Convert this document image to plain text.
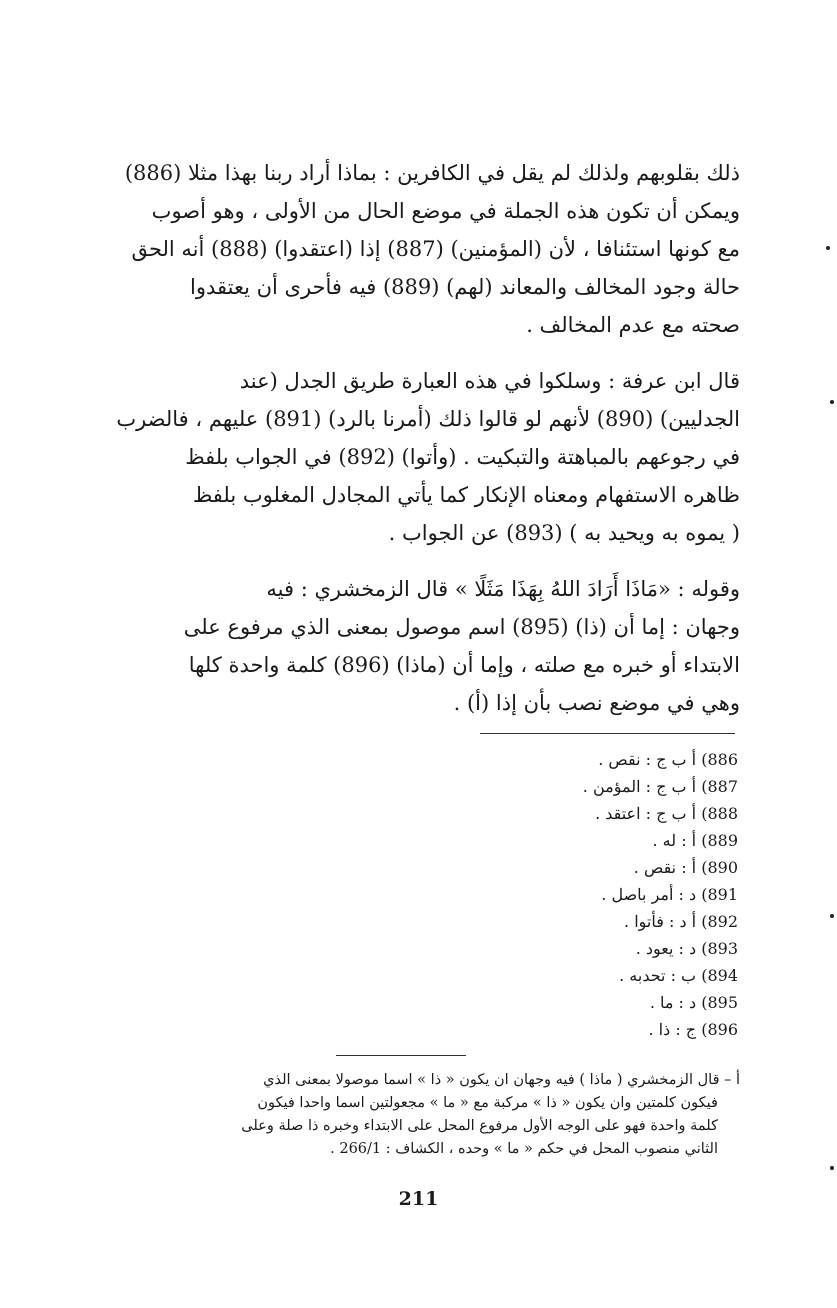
ذلك بقلوبهم ولذلك لم يقل في الكافرين : بماذا أراد ربنا بهذا مثلا (886)
ويمكن أن تكون هذه الجملة في موضع الحال من الأولى ، وهو أصوب
مع كونها استئنافا ، لأن (المؤمنين) (887) إذا (اعتقدوا) (888) أنه الحق
حالة وجود المخالف والمعاند (لهم) (889) فيه فأحرى أن يعتقدوا
صحته مع عدم المخالف .
قال ابن عرفة : وسلكوا في هذه العبارة طريق الجدل (عند
الجدليين) (890) لأنهم لو قالوا ذلك (أمرنا بالرد) (891) عليهم ، فالضرب
في رجوعهم بالمباهتة والتبكيت . (وأتوا) (892) في الجواب بلفظ
ظاهره الاستفهام ومعناه الإنكار كما يأتي المجادل المغلوب بلفظ
( يموه به ويحيد به ) (893) عن الجواب .
وقوله : «مَاذَا أَرَادَ اللهُ بِهَذَا مَثَلًا » قال الزمخشري : فيه
وجهان : إما أن (ذا) (895) اسم موصول بمعنى الذي مرفوع على
الابتداء أو خبره مع صلته ، وإما أن (ماذا) (896) كلمة واحدة كلها
وهي في موضع نصب بأن إذا (أ) .
886) أ ب ج : نقص .
887) أ ب ج : المؤمن .
888) أ ب ج : اعتقد .
889) أ : له .
890) أ : نقص .
891) د : أمر باصل .
892) أ د : فأتوا .
893) د : يعود .
894) ب : تحدبه .
895) د : ما .
896) ج : ذا .
أ – قال الزمخشري ( ماذا ) فيه وجهان ان يكون « ذا » اسما موصولا بمعنى الذي
فيكون كلمتين وان يكون « ذا » مركبة مع « ما » مجعولتين اسما واحدا فيكون
كلمة واحدة فهو على الوجه الأول مرفوع المحل على الابتداء وخبره ذا صلة وعلى
الثاني منصوب المحل في حكم « ما » وحده ، الكشاف : 266/1 .
211
